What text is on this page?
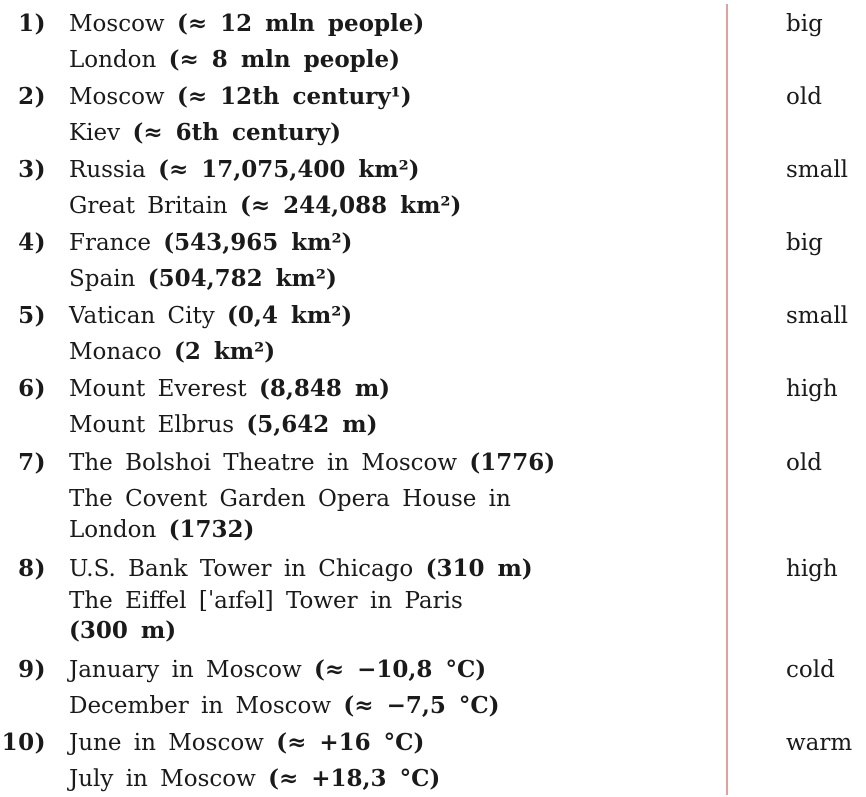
1) Moscow (≈ 12 mln people)
London (≈ 8 mln people)
big
2) Moscow (≈ 12th century¹)
Kiev (≈ 6th century)
old
3) Russia (≈ 17,075,400 km²)
Great Britain (≈ 244,088 km²)
small
4) France (543,965 km²)
Spain (504,782 km²)
big
5) Vatican City (0,4 km²)
Monaco (2 km²)
small
6) Mount Everest (8,848 m)
Mount Elbrus (5,642 m)
high
7) The Bolshoi Theatre in Moscow (1776)
The Covent Garden Opera House in
London (1732)
old
8) U.S. Bank Tower in Chicago (310 m)
The Eiffel [ˈaɪfəl] Tower in Paris
(300 m)
high
9) January in Moscow (≈ −10,8 °C)
December in Moscow (≈ −7,5 °C)
cold
10) June in Moscow (≈ +16 °C)
July in Moscow (≈ +18,3 °C)
warm
